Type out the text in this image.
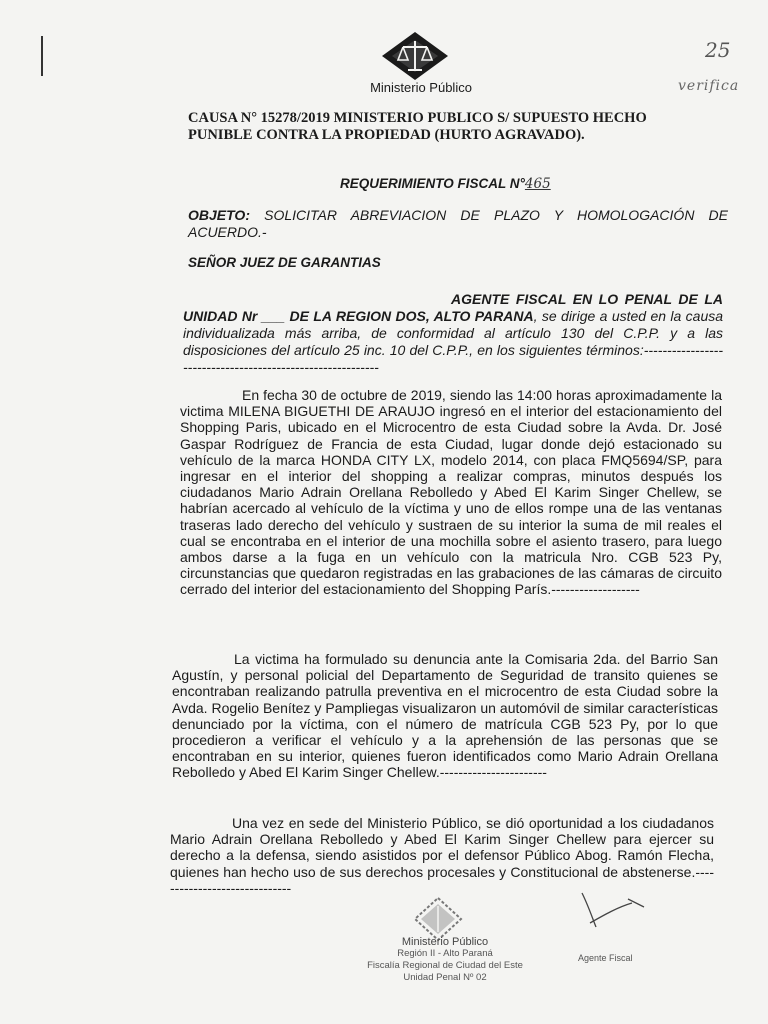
Ministerio Público
25
verifica
CAUSA N° 15278/2019 MINISTERIO PUBLICO S/ SUPUESTO HECHO PUNIBLE CONTRA LA PROPIEDAD (HURTO AGRAVADO).
REQUERIMIENTO FISCAL N°465
OBJETO: SOLICITAR ABREVIACION DE PLAZO Y HOMOLOGACIÓN DE ACUERDO.-
SEÑOR JUEZ DE GARANTIAS
AGENTE FISCAL EN LO PENAL DE LA UNIDAD Nr ___ DE LA REGION DOS, ALTO PARANA, se dirige a usted en la causa individualizada más arriba, de conformidad al artículo 130 del C.P.P. y a las disposiciones del artículo 25 inc. 10 del C.P.P., en los siguientes términos:-----------------------------------------------------------
En fecha 30 de octubre de 2019, siendo las 14:00 horas aproximadamente la victima MILENA BIGUETHI DE ARAUJO ingresó en el interior del estacionamiento del Shopping Paris, ubicado en el Microcentro de esta Ciudad sobre la Avda. Dr. José Gaspar Rodríguez de Francia de esta Ciudad, lugar donde dejó estacionado su vehículo de la marca HONDA CITY LX, modelo 2014, con placa FMQ5694/SP, para ingresar en el interior del shopping a realizar compras, minutos después los ciudadanos Mario Adrain Orellana Rebolledo y Abed El Karim Singer Chellew, se habrían acercado al vehículo de la víctima y uno de ellos rompe una de las ventanas traseras lado derecho del vehículo y sustraen de su interior la suma de mil reales el cual se encontraba en el interior de una mochilla sobre el asiento trasero, para luego ambos darse a la fuga en un vehículo con la matricula Nro. CGB 523 Py, circunstancias que quedaron registradas en las grabaciones de las cámaras de circuito cerrado del interior del estacionamiento del Shopping París.-------------------
La victima ha formulado su denuncia ante la Comisaria 2da. del Barrio San Agustín, y personal policial del Departamento de Seguridad de transito quienes se encontraban realizando patrulla preventiva en el microcentro de esta Ciudad sobre la Avda. Rogelio Benítez y Pampliegas visualizaron un automóvil de similar características denunciado por la víctima, con el número de matrícula CGB 523 Py, por lo que procedieron a verificar el vehículo y a la aprehensión de las personas que se encontraban en su interior, quienes fueron identificados como Mario Adrain Orellana Rebolledo y Abed El Karim Singer Chellew.-----------------------
Una vez en sede del Ministerio Público, se dió oportunidad a los ciudadanos Mario Adrain Orellana Rebolledo y Abed El Karim Singer Chellew para ejercer su derecho a la defensa, siendo asistidos por el defensor Público Abog. Ramón Flecha, quienes han hecho uso de sus derechos procesales y Constitucional de abstenerse.------------------------------
Ministerio Público
Región II - Alto Paraná
Fiscalía Regional de Ciudad del Este
Unidad Penal Nº 02
Agente Fiscal
